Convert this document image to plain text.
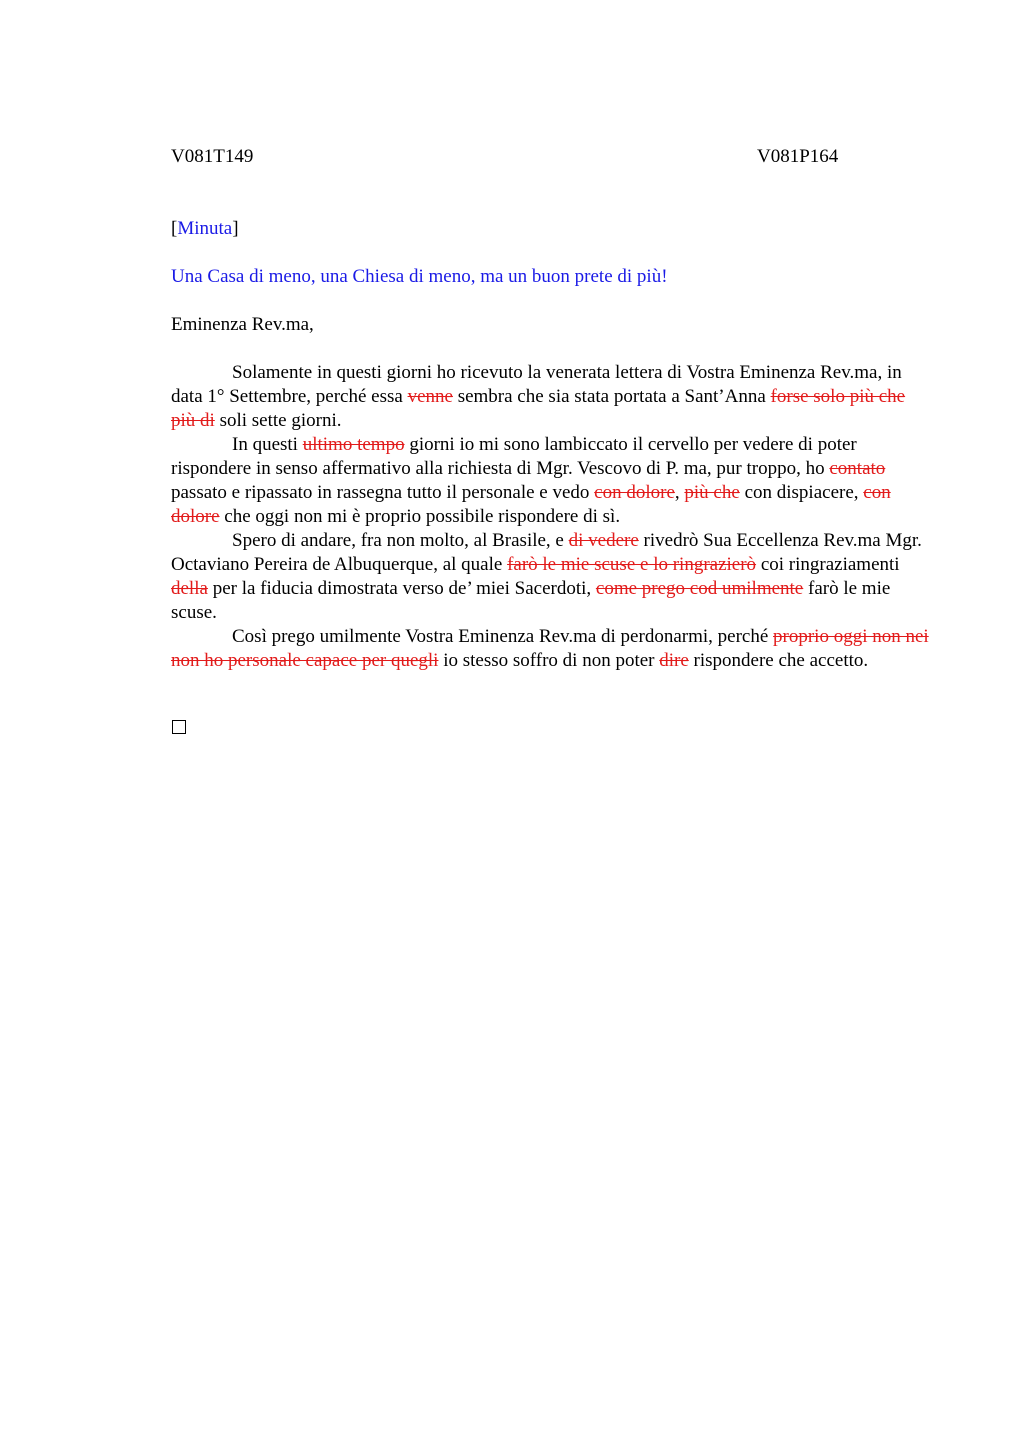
V081T149	V081P164
[Minuta]
Una Casa di meno, una Chiesa di meno, ma un buon prete di più!
Eminenza Rev.ma,

Solamente in questi giorni ho ricevuto la venerata lettera di Vostra Eminenza Rev.ma, in data 1° Settembre, perché essa venne sembra che sia stata portata a Sant’Anna forse solo più che più di soli sette giorni.

In questi ultimo tempo giorni io mi sono lambiccato il cervello per vedere di poter rispondere in senso affermativo alla richiesta di Mgr. Vescovo di P. ma, pur troppo, ho contato passato e ripassato in rassegna tutto il personale e vedo con dolore, più che con dispiacere, con dolore che oggi non mi è proprio possibile rispondere di sì.

Spero di andare, fra non molto, al Brasile, e di vedere rivedrò Sua Eccellenza Rev.ma Mgr. Octaviano Pereira de Albuquerque, al quale farò le mie scuse e lo ringrazierò coi ringraziamenti della per la fiducia dimostrata verso de’ miei Sacerdoti, come prego cod umilmente farò le mie scuse.

Così prego umilmente Vostra Eminenza Rev.ma di perdonarmi, perché proprio oggi non nei non ho personale capace per quegli io stesso soffro di non poter dire rispondere che accetto.
